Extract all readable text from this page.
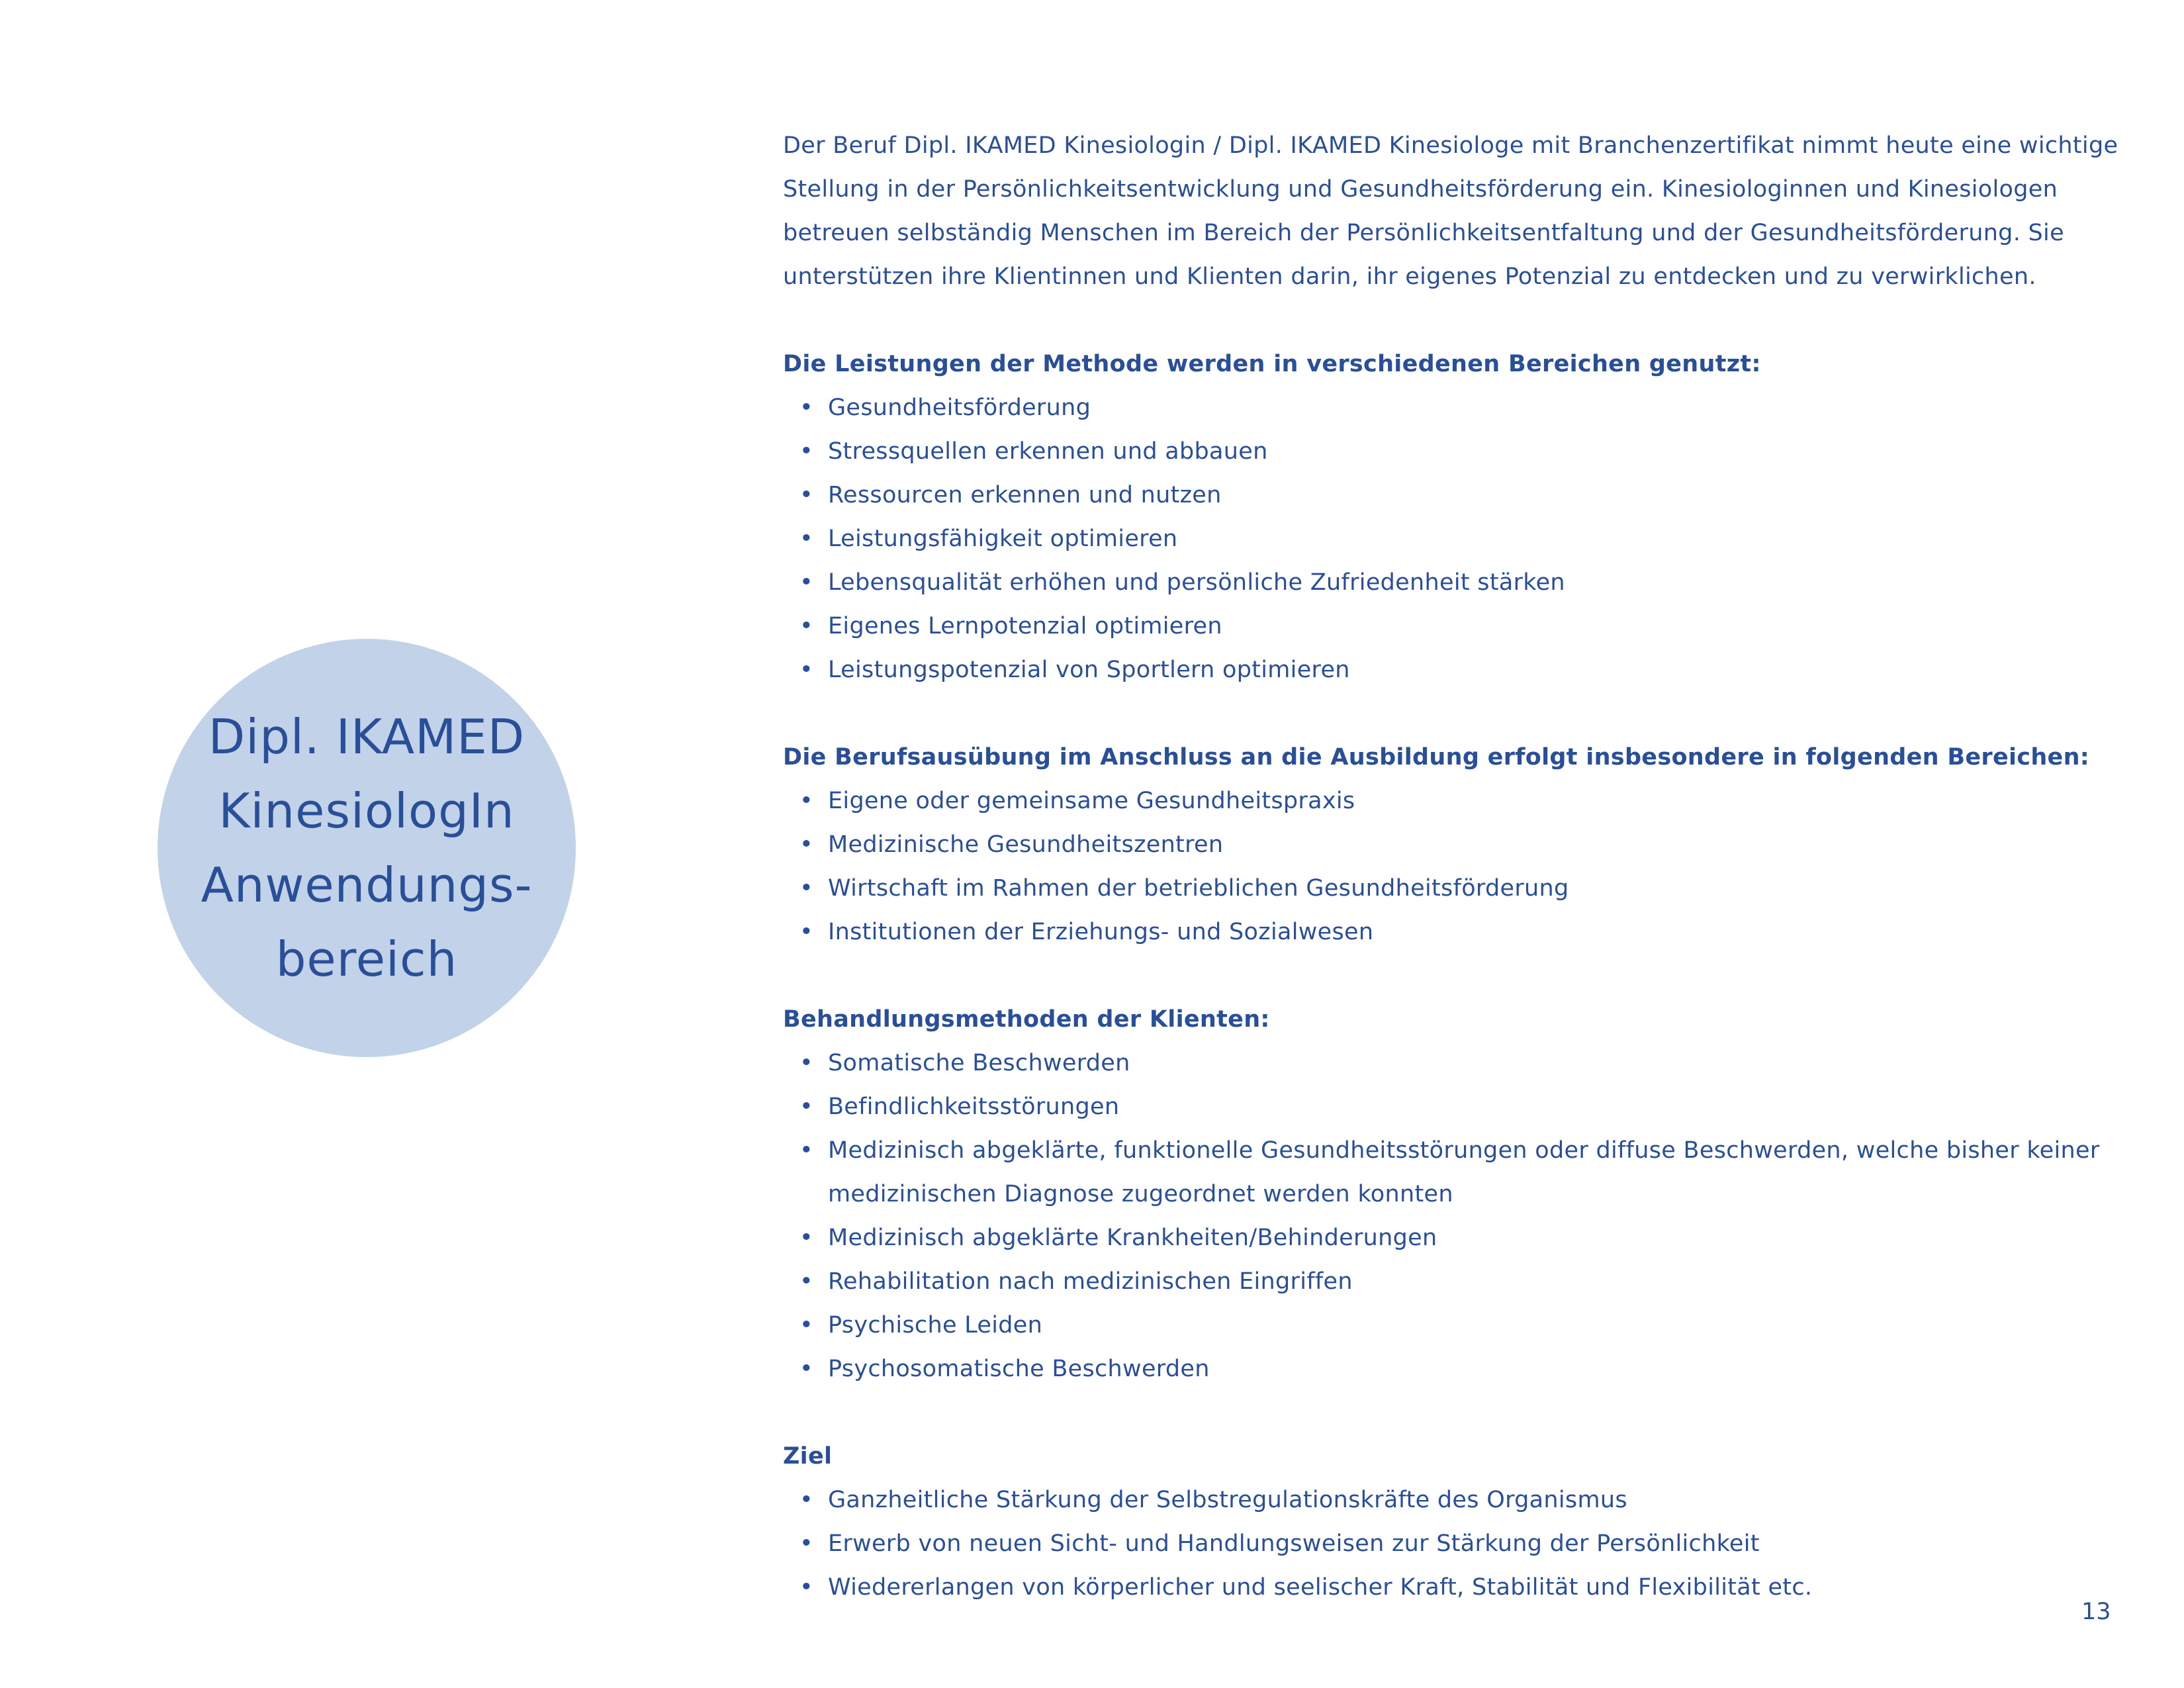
Dipl. IKAMED
KinesiologIn
Anwendungs-
bereich

Der Beruf Dipl. IKAMED Kinesiologin / Dipl. IKAMED Kinesiologe mit Branchenzertifikat nimmt heute eine wichtige Stellung in der Persönlichkeitsentwicklung und Gesundheitsförderung ein. Kinesiologinnen und Kinesiologen betreuen selbständig Menschen im Bereich der Persönlichkeitsentfaltung und der Gesundheitsförderung. Sie unterstützen ihre Klientinnen und Klienten darin, ihr eigenes Potenzial zu entdecken und zu verwirklichen.

Die Leistungen der Methode werden in verschiedenen Bereichen genutzt:

• Gesundheitsförderung
• Stressquellen erkennen und abbauen
• Ressourcen erkennen und nutzen
• Leistungsfähigkeit optimieren
• Lebensqualität erhöhen und persönliche Zufriedenheit stärken
• Eigenes Lernpotenzial optimieren
• Leistungspotenzial von Sportlern optimieren

Die Berufsausübung im Anschluss an die Ausbildung erfolgt insbesondere in folgenden Bereichen:

• Eigene oder gemeinsame Gesundheitspraxis
• Medizinische Gesundheitszentren
• Wirtschaft im Rahmen der betrieblichen Gesundheitsförderung
• Institutionen der Erziehungs- und Sozialwesen

Behandlungsmethoden der Klienten:

• Somatische Beschwerden
• Befindlichkeitsstörungen
• Medizinisch abgeklärte, funktionelle Gesundheitsstörungen oder diffuse Beschwerden, welche bisher keiner medizinischen Diagnose zugeordnet werden konnten
• Medizinisch abgeklärte Krankheiten/Behinderungen
• Rehabilitation nach medizinischen Eingriffen
• Psychische Leiden
• Psychosomatische Beschwerden

Ziel

• Ganzheitliche Stärkung der Selbstregulationskräfte des Organismus
• Erwerb von neuen Sicht- und Handlungsweisen zur Stärkung der Persönlichkeit
• Wiedererlangen von körperlicher und seelischer Kraft, Stabilität und Flexibilität etc.
13
